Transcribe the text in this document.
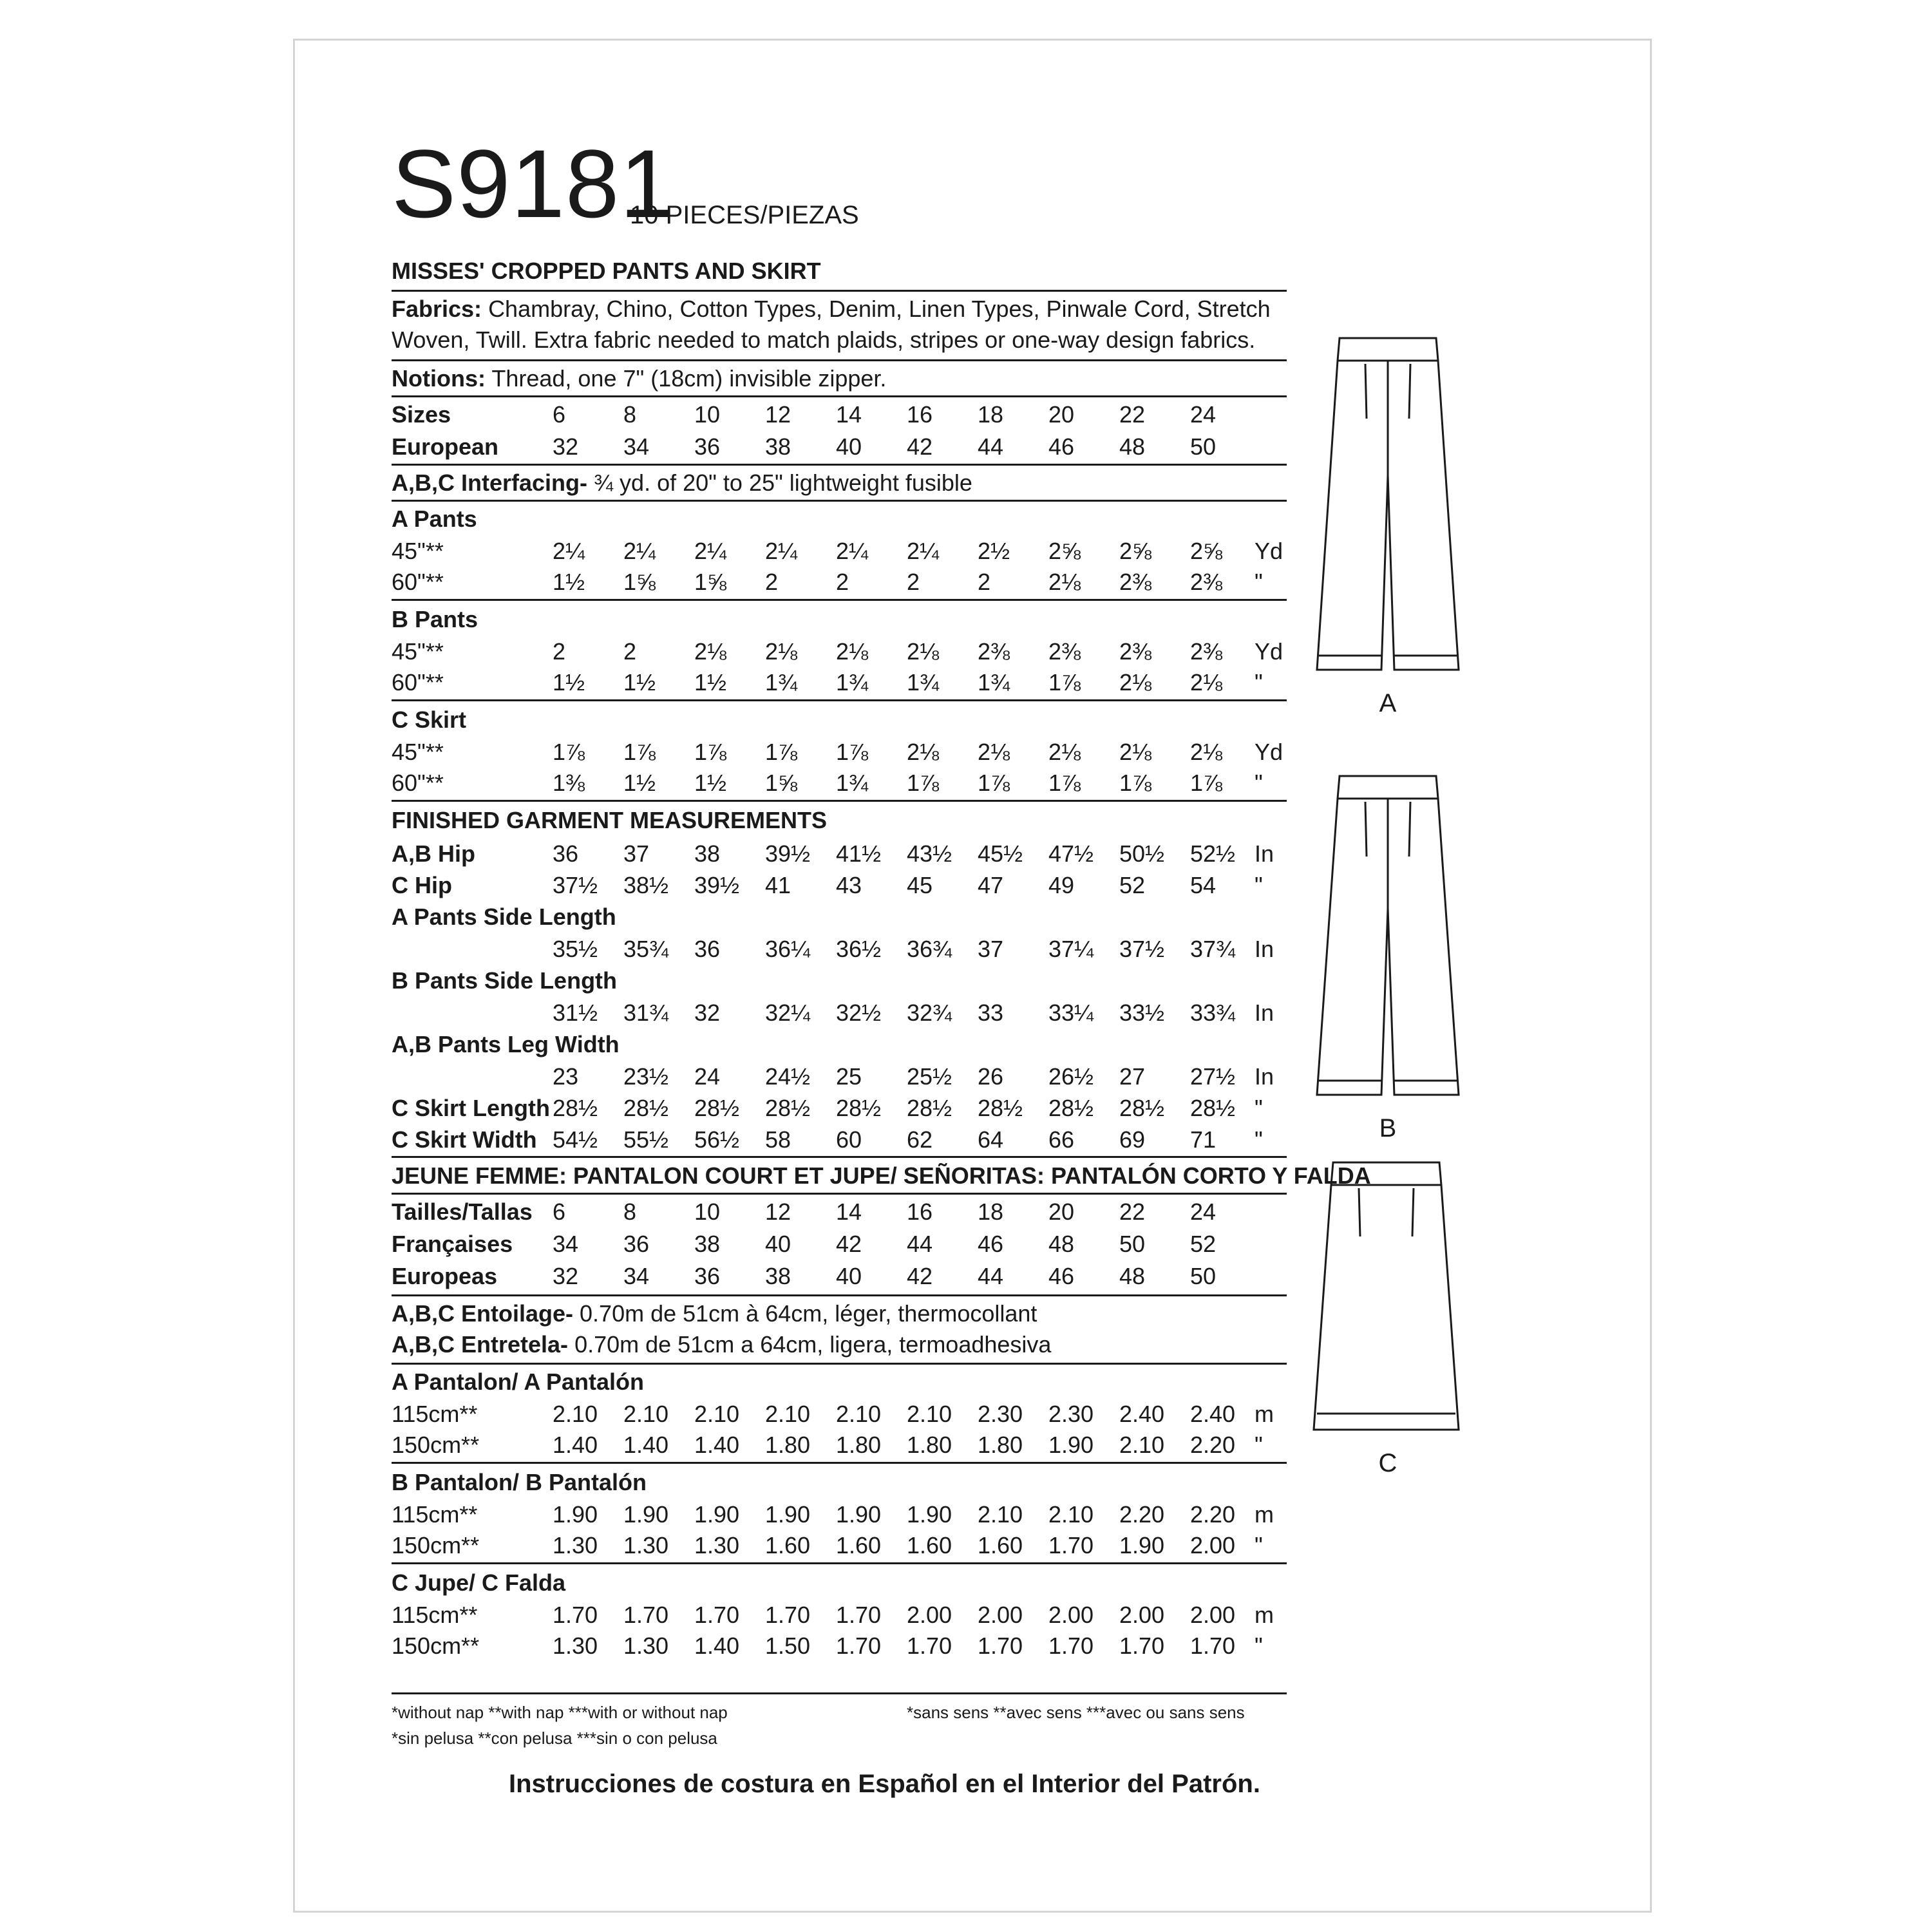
S9181
10 PIECES/PIEZAS
MISSES' CROPPED PANTS AND SKIRT
Fabrics: Chambray, Chino, Cotton Types, Denim, Linen Types, Pinwale Cord, Stretch
Woven, Twill. Extra fabric needed to match plaids, stripes or one-way design fabrics.
Notions: Thread, one 7" (18cm) invisible zipper.
Sizes	6 8 10 12 14 16 18 20 22 24
European 32 34 36 38 40 42 44 46 48 50
A,B,C Interfacing- ¾ yd. of 20" to 25" lightweight fusible
A Pants
45"**	2¼ 2¼ 2¼ 2¼ 2¼ 2¼ 2½ 2⅝ 2⅝ 2⅝ Yd
60"**	1½ 1⅝ 1⅝ 2 2 2 2 2⅛ 2⅜ 2⅜ "
B Pants
45"**	2 2 2⅛ 2⅛ 2⅛ 2⅛ 2⅜ 2⅜ 2⅜ 2⅜ Yd
60"**	1½ 1½ 1½ 1¾ 1¾ 1¾ 1¾ 1⅞ 2⅛ 2⅛ "
C Skirt
45"**	1⅞ 1⅞ 1⅞ 1⅞ 1⅞ 2⅛ 2⅛ 2⅛ 2⅛ 2⅛ Yd
60"**	1⅜ 1½ 1½ 1⅝ 1¾ 1⅞ 1⅞ 1⅞ 1⅞ 1⅞ "
FINISHED GARMENT MEASUREMENTS
A,B Hip	36 37 38 39½ 41½ 43½ 45½ 47½ 50½ 52½ In
C Hip	37½ 38½ 39½ 41 43 45 47 49 52 54 "
A Pants Side Length
35½ 35¾ 36 36¼ 36½ 36¾ 37 37¼ 37½ 37¾ In
B Pants Side Length
31½ 31¾ 32 32¼ 32½ 32¾ 33 33¼ 33½ 33¾ In
A,B Pants Leg Width
23 23½ 24 24½ 25 25½ 26 26½ 27 27½ In
C Skirt Length 28½ 28½ 28½ 28½ 28½ 28½ 28½ 28½ 28½ 28½ "
C Skirt Width 54½ 55½ 56½ 58 60 62 64 66 69 71 "
JEUNE FEMME: PANTALON COURT ET JUPE/ SEÑORITAS: PANTALÓN CORTO Y FALDA
Tailles/Tallas 6 8 10 12 14 16 18 20 22 24
Françaises 34 36 38 40 42 44 46 48 50 52
Europeas 32 34 36 38 40 42 44 46 48 50
A,B,C Entoilage- 0.70m de 51cm à 64cm, léger, thermocollant
A,B,C Entretela- 0.70m de 51cm a 64cm, ligera, termoadhesiva
A Pantalon/ A Pantalón
115cm**	2.10 2.10 2.10 2.10 2.10 2.10 2.30 2.30 2.40 2.40 m
150cm**	1.40 1.40 1.40 1.80 1.80 1.80 1.80 1.90 2.10 2.20 "
B Pantalon/ B Pantalón
115cm**	1.90 1.90 1.90 1.90 1.90 1.90 2.10 2.10 2.20 2.20 m
150cm**	1.30 1.30 1.30 1.60 1.60 1.60 1.60 1.70 1.90 2.00 "
C Jupe/ C Falda
115cm**	1.70 1.70 1.70 1.70 1.70 2.00 2.00 2.00 2.00 2.00 m
150cm**	1.30 1.30 1.40 1.50 1.70 1.70 1.70 1.70 1.70 1.70 "
*without nap **with nap ***with or without nap	*sans sens **avec sens ***avec ou sans sens
*sin pelusa **con pelusa ***sin o con pelusa
Instrucciones de costura en Español en el Interior del Patrón.
A
B
C
